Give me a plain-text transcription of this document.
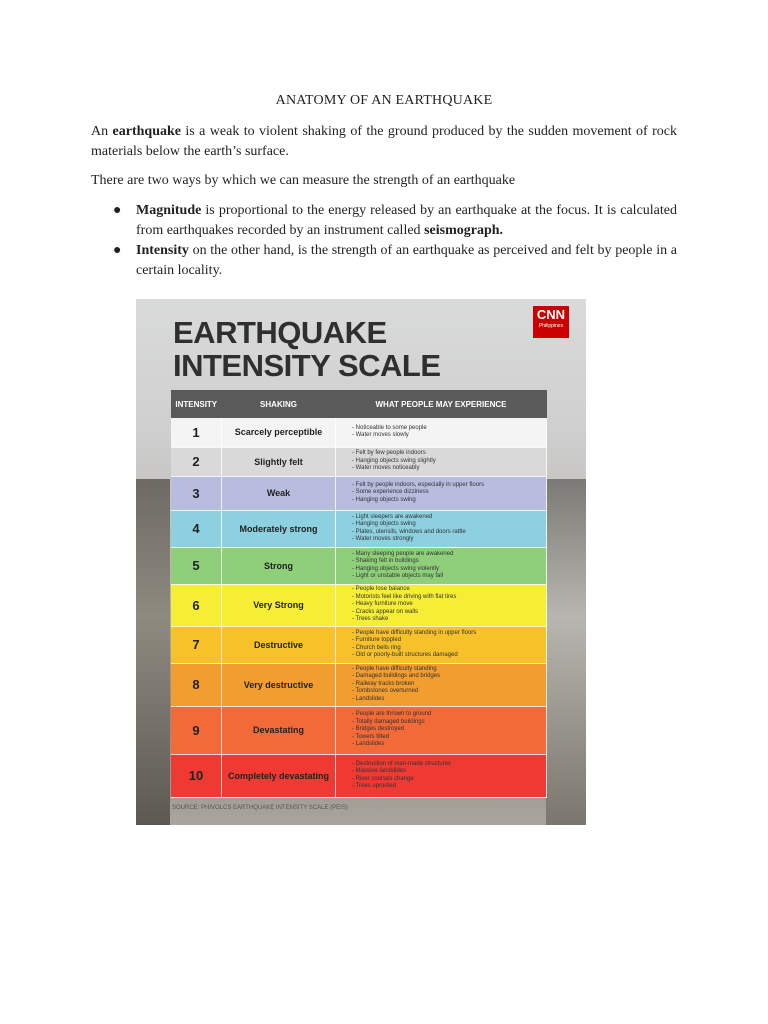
ANATOMY OF AN EARTHQUAKE
An earthquake is a weak to violent shaking of the ground produced by the sudden movement of rock materials below the earth’s surface.
There are two ways by which we can measure the strength of an earthquake
● Magnitude is proportional to the energy released by an earthquake at the focus. It is calculated from earthquakes recorded by an instrument called seismograph.
● Intensity on the other hand, is the strength of an earthquake as perceived and felt by people in a certain locality.
EARTHQUAKE
INTENSITY SCALE
CNN
Philippines
INTENSITY	SHAKING	WHAT PEOPLE MAY EXPERIENCE
1	Scarcely perceptible	- Noticeable to some people
- Water moves slowly

2	Slightly felt	- Felt by few people indoors
- Hanging objects swing slightly
- Water moves noticeably

3	Weak	- Felt by people indoors, especially in upper floors
- Some experience dizziness
- Hanging objects swing

4	Moderately strong	- Light sleepers are awakened
- Hanging objects swing
- Plates, utensils, windows and doors rattle
- Water moves strongly

5	Strong	- Many sleeping people are awakened
- Shaking felt in buildings
- Hanging objects swing violently
- Light or unstable objects may fall

6	Very Strong	- People lose balance
- Motorists feel like driving with flat tires
- Heavy furniture move
- Cracks appear on walls
- Trees shake

7	Destructive	- People have difficulty standing in upper floors
- Furniture toppled
- Church bells ring
- Old or poorly-built structures damaged

8	Very destructive	- People have difficulty standing
- Damaged buildings and bridges
- Railway tracks broken
- Tombstones overturned
- Landslides

9	Devastating	- People are thrown to ground
- Totally damaged buildings
- Bridges destroyed
- Towers tilted
- Landslides

10	Completely devastating	- Destruction of man-made structures
- Massive landslides
- River courses change
- Trees uprooted
SOURCE: PHIVOLCS EARTHQUAKE INTENSITY SCALE (PEIS)
